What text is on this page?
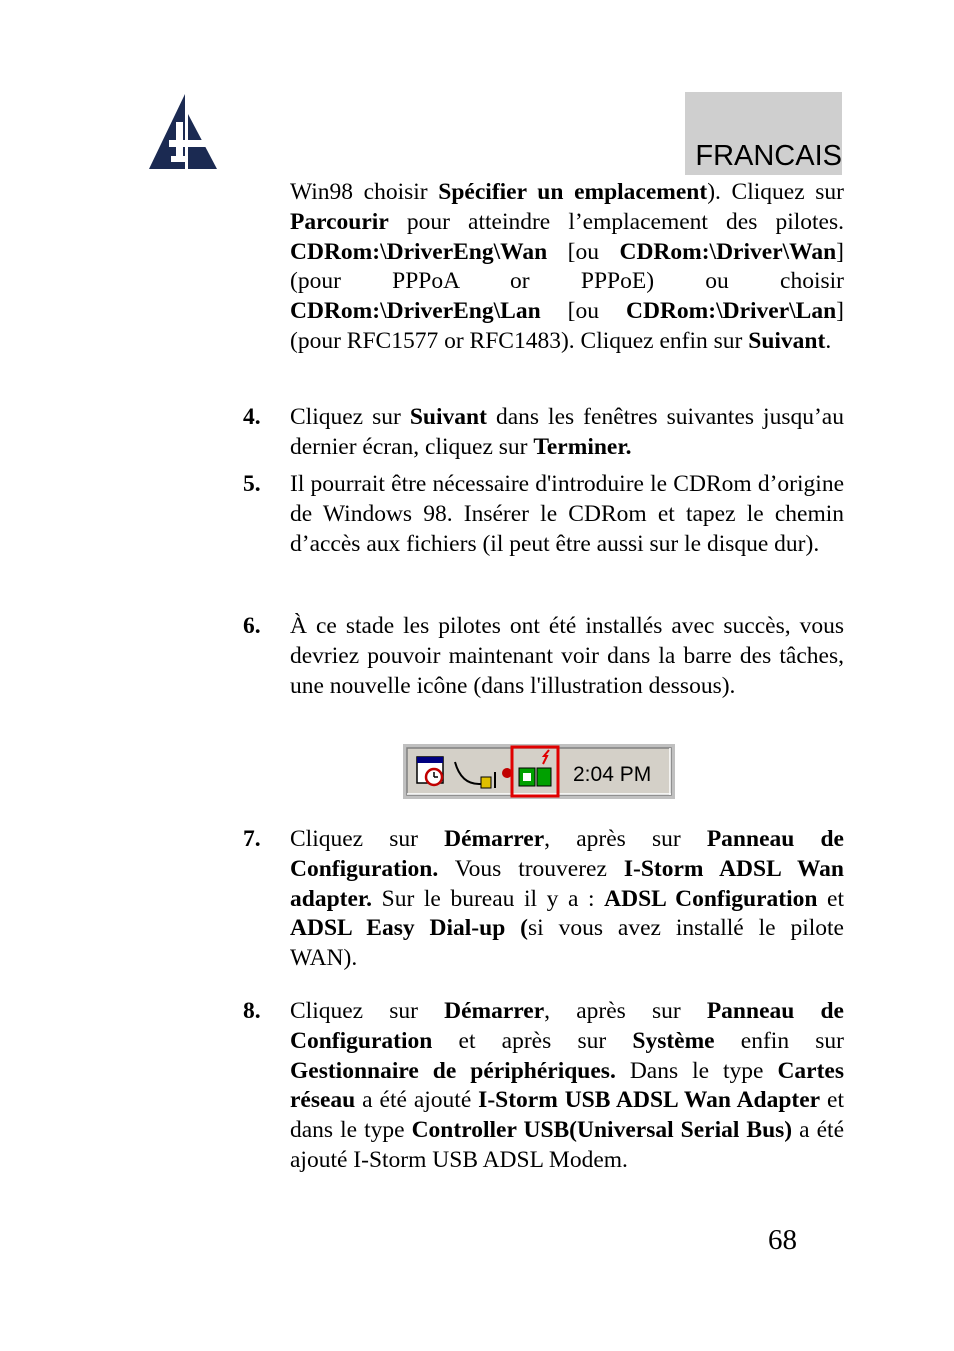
FRANCAIS
Win98 choisir Spécifier un emplacement). Cliquez sur Parcourir pour atteindre l’emplacement des pilotes. CDRom:\DriverEng\Wan [ou CDRom:\Driver\Wan] (pour PPPoA or PPPoE) ou choisir CDRom:\DriverEng\Lan [ou CDRom:\Driver\Lan] (pour RFC1577 or RFC1483). Cliquez enfin sur Suivant.
4. Cliquez sur Suivant dans les fenêtres suivantes jusqu’au dernier écran, cliquez sur Terminer.
5. Il pourrait être nécessaire d'introduire le CDRom d’origine de Windows 98. Insérer le CDRom et tapez le chemin d’accès aux fichiers (il peut être aussi sur le disque dur).
6. À ce stade les pilotes ont été installés avec succès, vous devriez pouvoir maintenant voir dans la barre des tâches, une nouvelle icône (dans l'illustration dessous).
2:04 PM
7. Cliquez sur Démarrer, après sur Panneau de Configuration. Vous trouverez I-Storm ADSL Wan adapter. Sur le bureau il y a : ADSL Configuration et ADSL Easy Dial-up (si vous avez installé le pilote WAN).
8. Cliquez sur Démarrer, après sur Panneau de Configuration et après sur Système enfin sur Gestionnaire de périphériques. Dans le type Cartes réseau a été ajouté I-Storm USB ADSL Wan Adapter et dans le type Controller USB(Universal Serial Bus) a été ajouté I-Storm USB ADSL Modem.
68
